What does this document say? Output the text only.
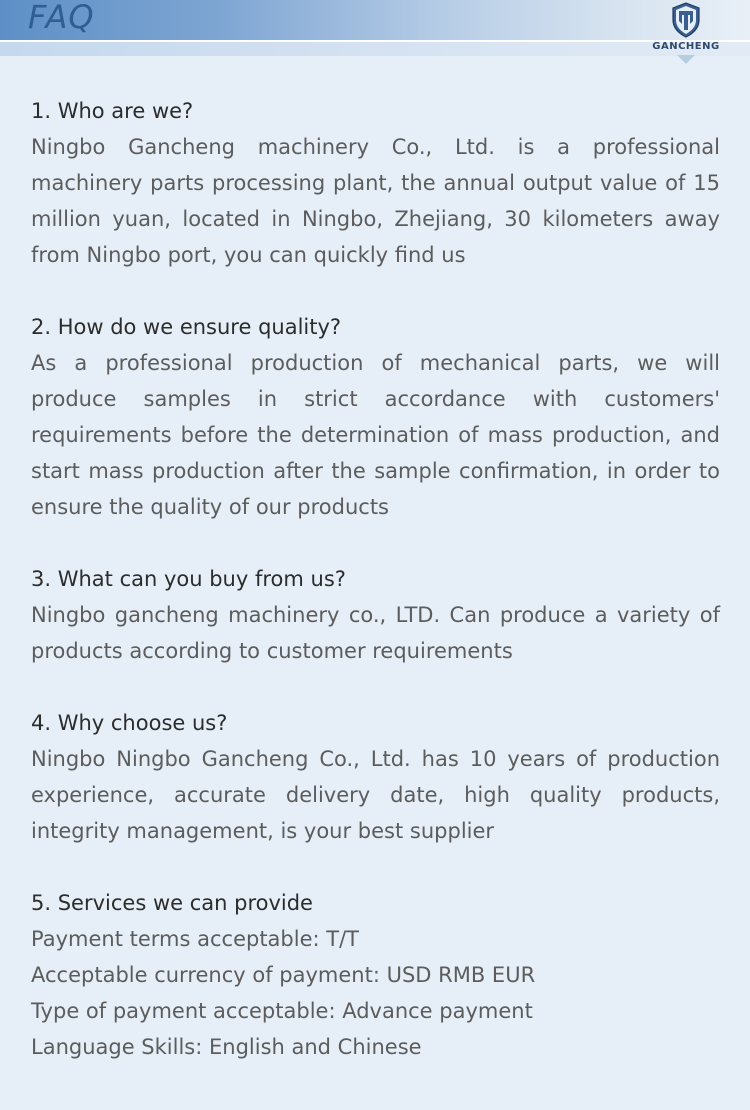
FAQ
GANCHENG
1. Who are we?
Ningbo Gancheng machinery Co., Ltd. is a professional machinery parts processing plant, the annual output value of 15 million yuan, located in Ningbo, Zhejiang, 30 kilometers away from Ningbo port, you can quickly find us
2. How do we ensure quality?
As a professional production of mechanical parts, we will produce samples in strict accordance with customers' requirements before the determination of mass production, and start mass production after the sample confirmation, in order to ensure the quality of our products
3. What can you buy from us?
Ningbo gancheng machinery co., LTD. Can produce a variety of products according to customer requirements
4. Why choose us?
Ningbo Ningbo Gancheng Co., Ltd. has 10 years of production experience, accurate delivery date, high quality products, integrity management, is your best supplier
5. Services we can provide
Payment terms acceptable: T/T
Acceptable currency of payment: USD RMB EUR
Type of payment acceptable: Advance payment
Language Skills: English and Chinese
